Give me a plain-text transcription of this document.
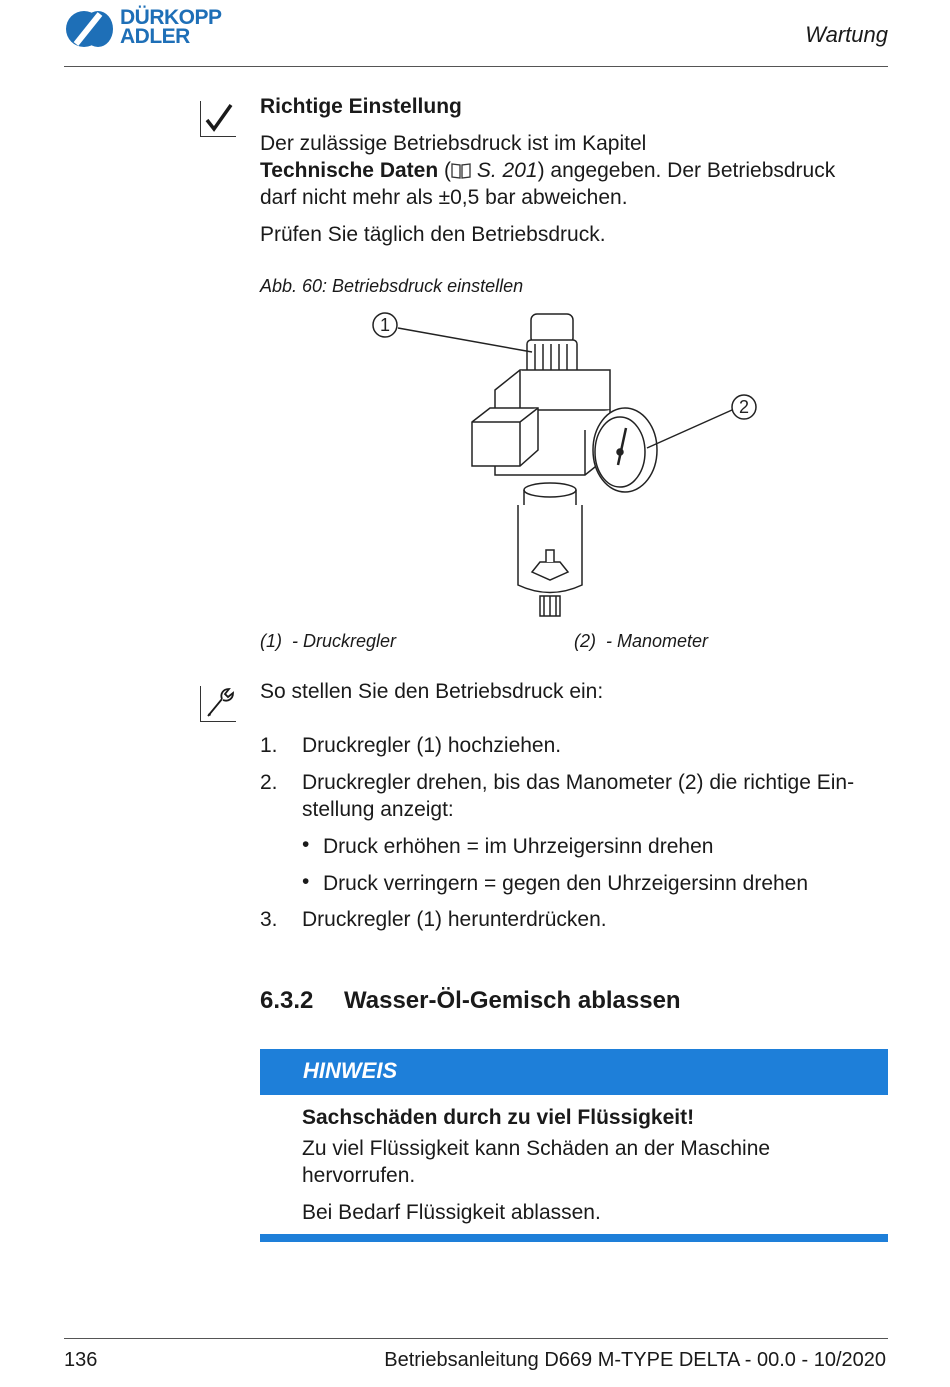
DÜRKOPP
ADLER	Wartung
Richtige Einstellung
Der zulässige Betriebsdruck ist im Kapitel
Technische Daten ( S. 201) angegeben. Der Betriebsdruck
darf nicht mehr als ±0,5 bar abweichen.
Prüfen Sie täglich den Betriebsdruck.
Abb. 60: Betriebsdruck einstellen
1
2
(1) - Druckregler	(2) - Manometer
So stellen Sie den Betriebsdruck ein:
1. Druckregler (1) hochziehen.
2. Druckregler drehen, bis das Manometer (2) die richtige Ein-
stellung anzeigt:
• Druck erhöhen = im Uhrzeigersinn drehen
• Druck verringern = gegen den Uhrzeigersinn drehen
3. Druckregler (1) herunterdrücken.
6.3.2 Wasser-Öl-Gemisch ablassen
HINWEIS
Sachschäden durch zu viel Flüssigkeit!
Zu viel Flüssigkeit kann Schäden an der Maschine
hervorrufen.
Bei Bedarf Flüssigkeit ablassen.
136	Betriebsanleitung D669 M-TYPE DELTA - 00.0 - 10/2020
